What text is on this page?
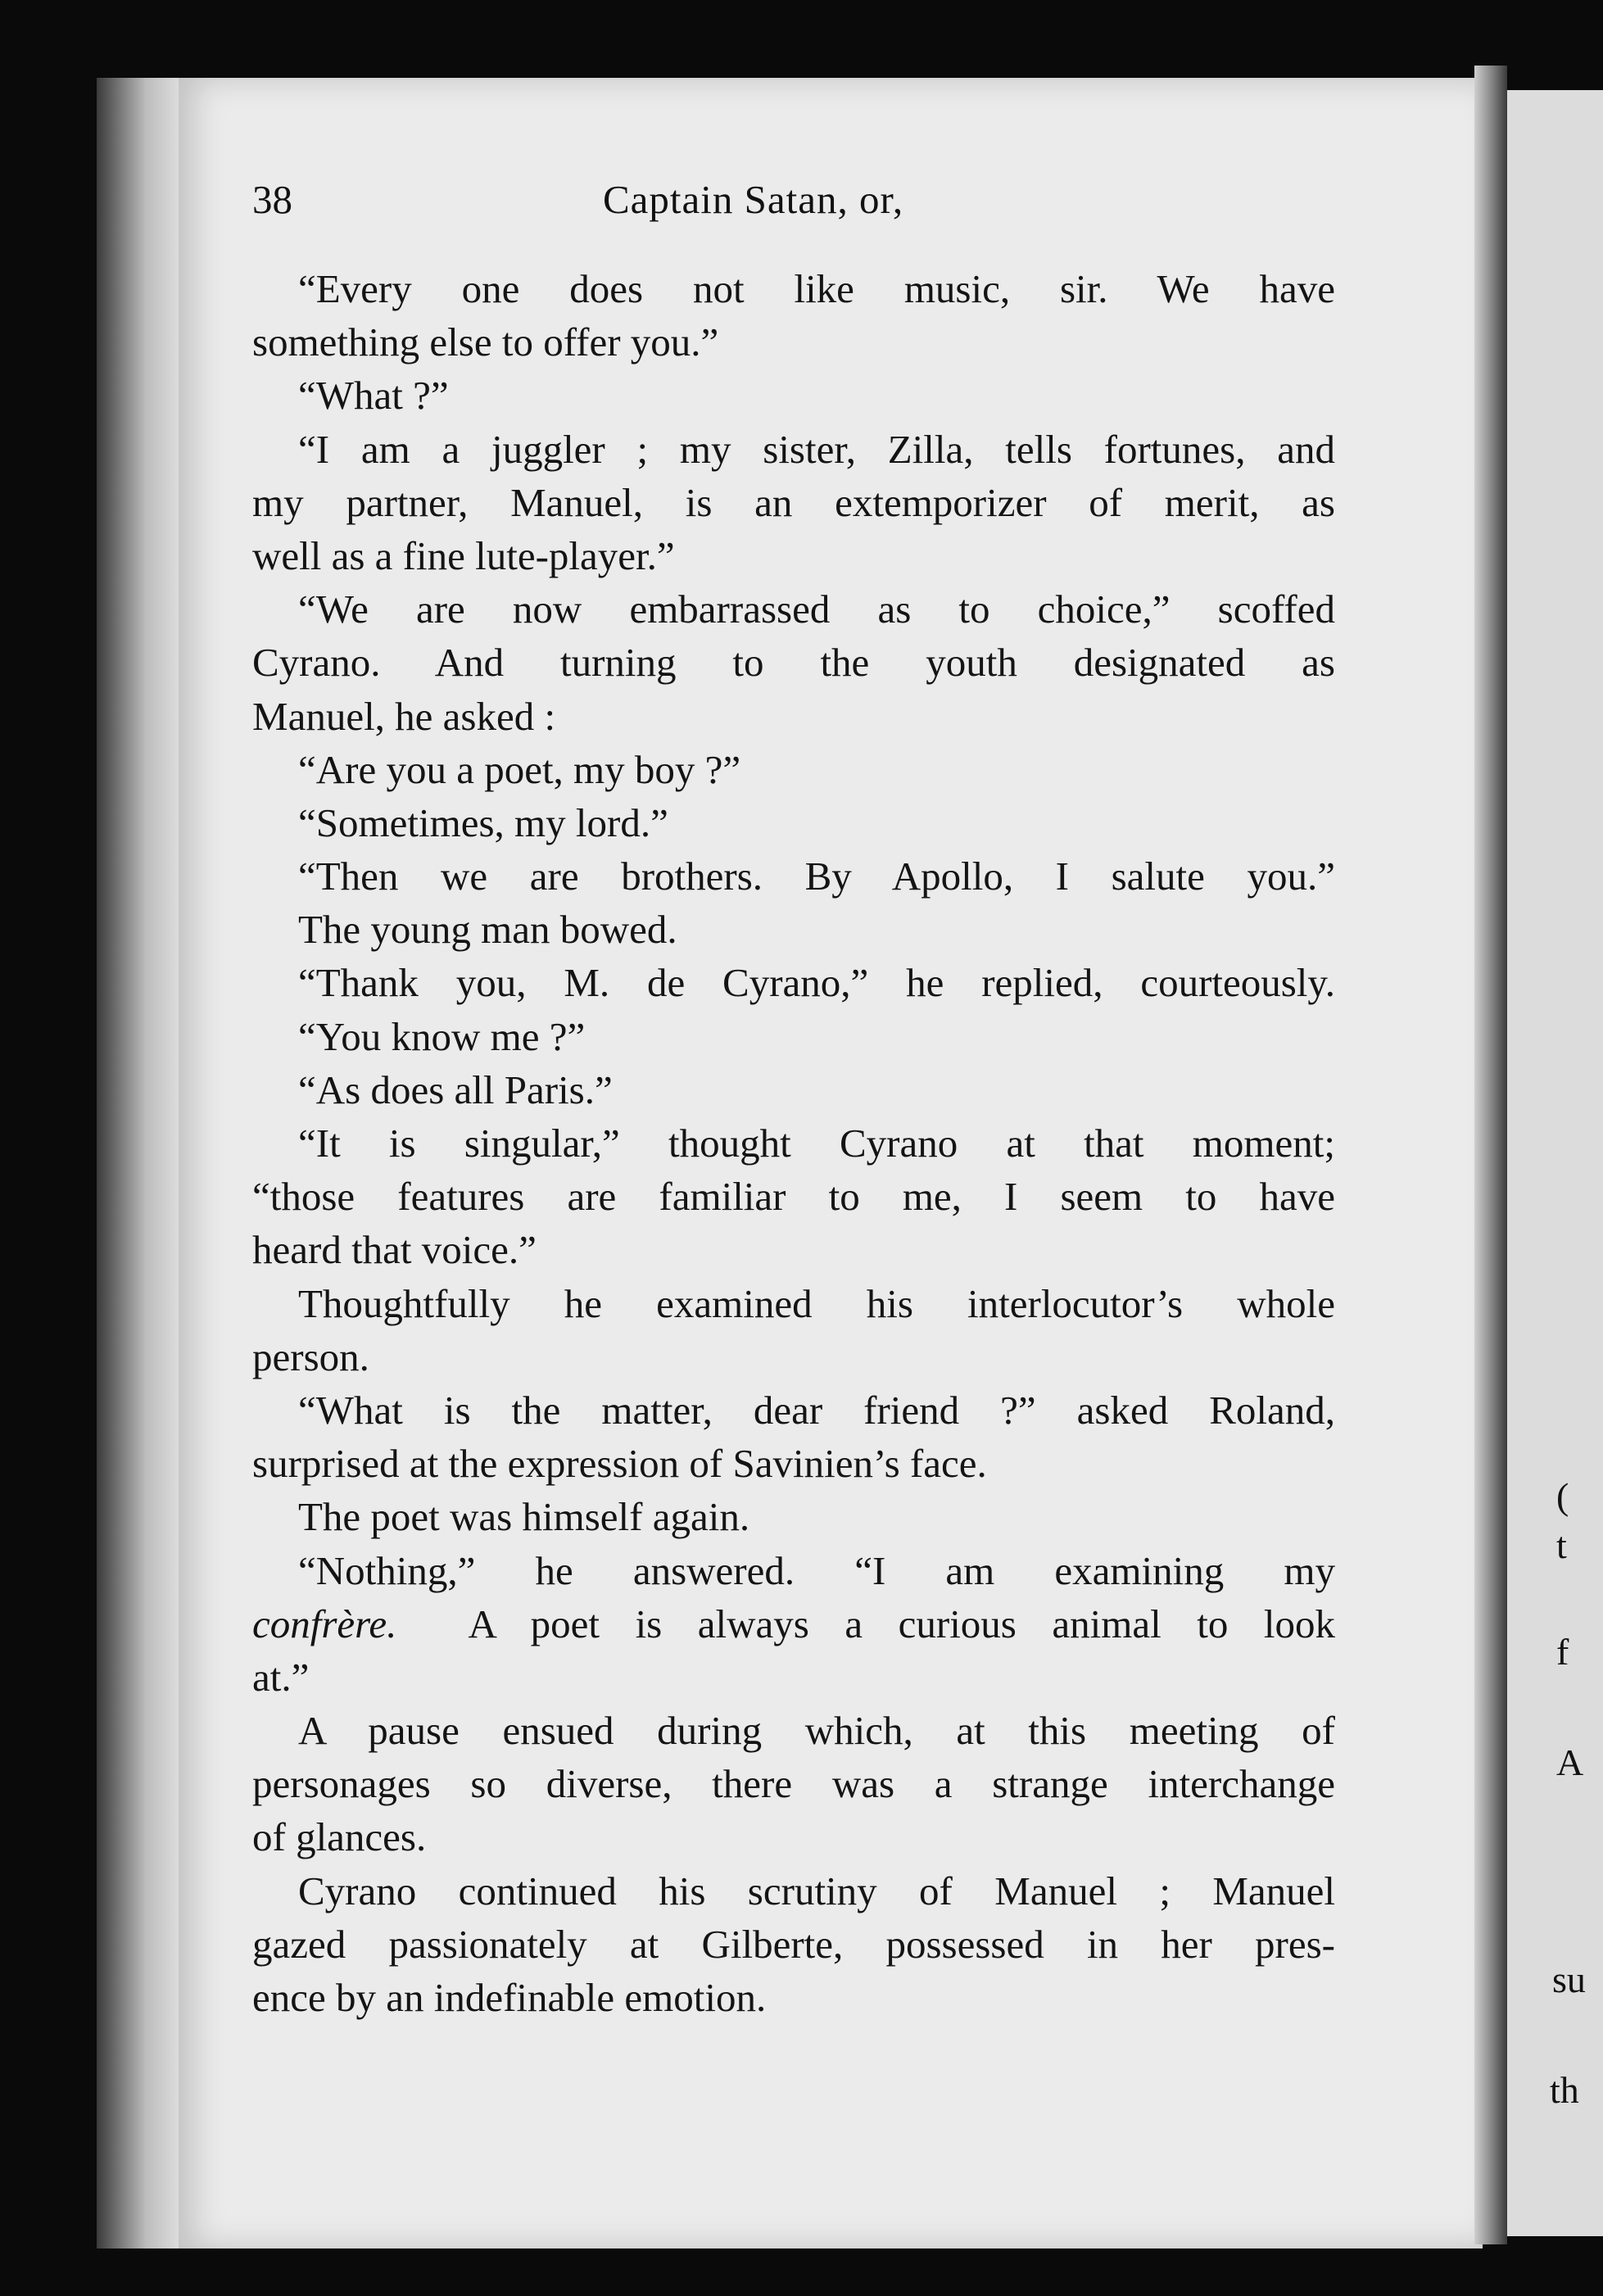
(
t
f
A
su
th
38	Captain Satan, or,
“Every one does not like music, sir. We have
something else to offer you.”
“What ?”
“I am a juggler ; my sister, Zilla, tells fortunes, and
my partner, Manuel, is an extemporizer of merit, as
well as a fine lute-player.”
“We are now embarrassed as to choice,” scoffed
Cyrano. And turning to the youth designated as
Manuel, he asked :
“Are you a poet, my boy ?”
“Sometimes, my lord.”
“Then we are brothers. By Apollo, I salute you.”
The young man bowed.
“Thank you, M. de Cyrano,” he replied, courteously.
“You know me ?”
“As does all Paris.”
“It is singular,” thought Cyrano at that moment;
“those features are familiar to me, I seem to have
heard that voice.”
Thoughtfully he examined his interlocutor’s whole
person.
“What is the matter, dear friend ?” asked Roland,
surprised at the expression of Savinien’s face.
The poet was himself again.
“Nothing,” he answered. “I am examining my
confrère. A poet is always a curious animal to look
at.”
A pause ensued during which, at this meeting of
personages so diverse, there was a strange interchange
of glances.
Cyrano continued his scrutiny of Manuel ; Manuel
gazed passionately at Gilberte, possessed in her pres-
ence by an indefinable emotion.
